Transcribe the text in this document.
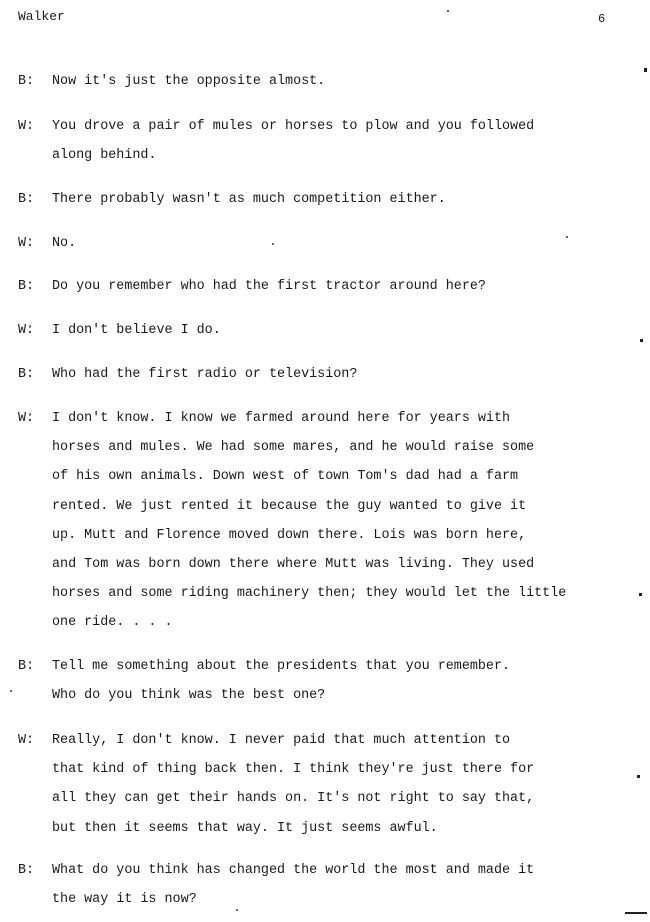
Walker	6
B:	Now it's just the opposite almost.
W:	You drove a pair of mules or horses to plow and you followed
along behind.
B:	There probably wasn't as much competition either.
W:	No.
B:	Do you remember who had the first tractor around here?
W:	I don't believe I do.
B:	Who had the first radio or television?
W:	I don't know. I know we farmed around here for years with
horses and mules. We had some mares, and he would raise some
of his own animals. Down west of town Tom's dad had a farm
rented. We just rented it because the guy wanted to give it
up. Mutt and Florence moved down there. Lois was born here,
and Tom was born down there where Mutt was living. They used
horses and some riding machinery then; they would let the little
one ride. . . .
B:	Tell me something about the presidents that you remember.
Who do you think was the best one?
W:	Really, I don't know. I never paid that much attention to
that kind of thing back then. I think they're just there for
all they can get their hands on. It's not right to say that,
but then it seems that way. It just seems awful.
B:	What do you think has changed the world the most and made it
the way it is now?
